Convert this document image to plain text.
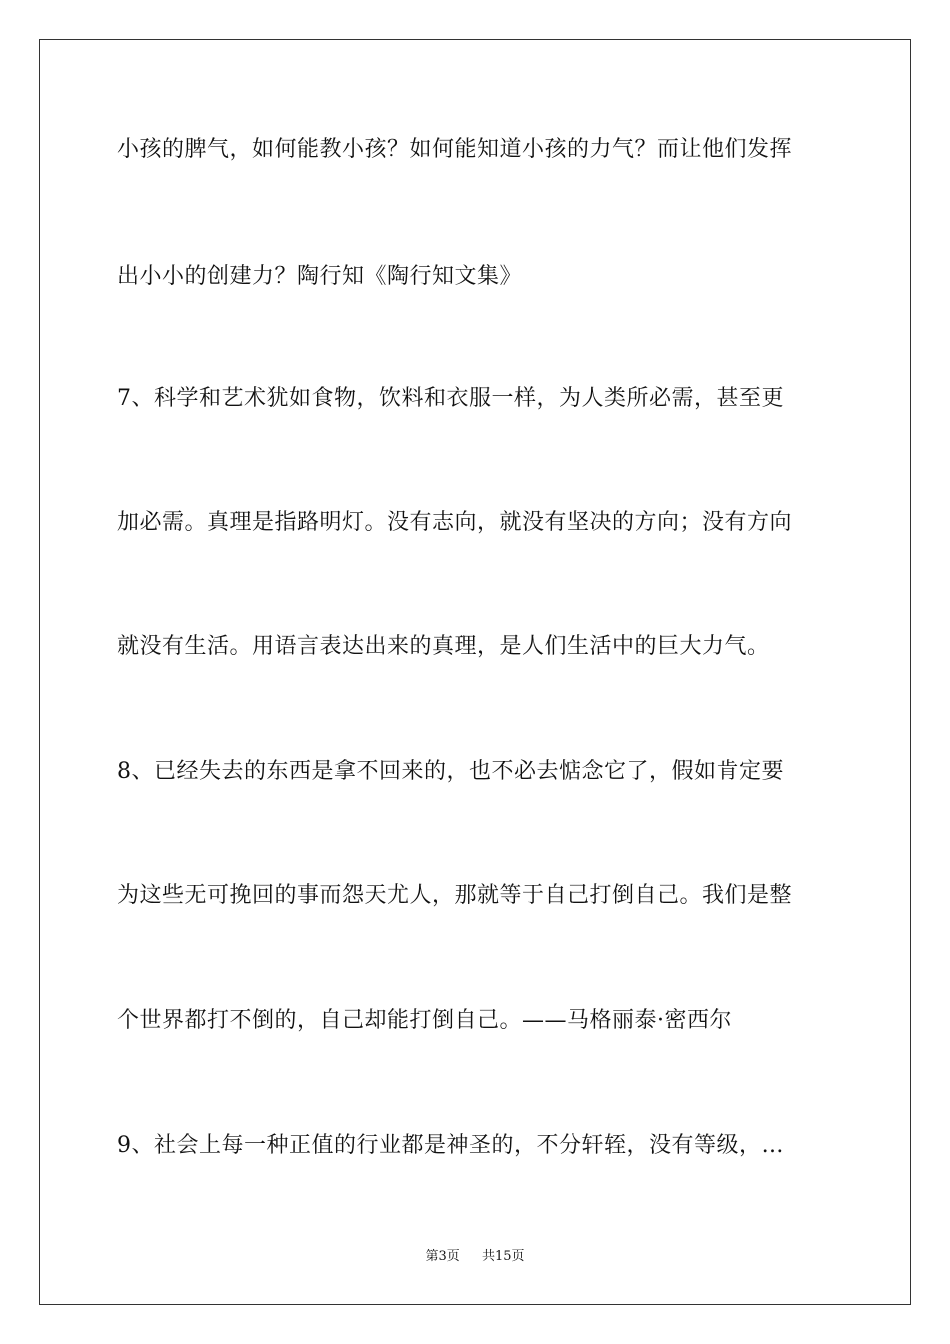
小孩的脾气，如何能教小孩？如何能知道小孩的力气？而让他们发挥
出小小的创建力？陶行知《陶行知文集》
7、科学和艺术犹如食物，饮料和衣服一样，为人类所必需，甚至更
加必需。真理是指路明灯。没有志向，就没有坚决的方向；没有方向
就没有生活。用语言表达出来的真理，是人们生活中的巨大力气。
8、已经失去的东西是拿不回来的，也不必去惦念它了，假如肯定要
为这些无可挽回的事而怨天尤人，那就等于自己打倒自己。我们是整
个世界都打不倒的，自己却能打倒自己。——马格丽泰·密西尔
9、社会上每一种正值的行业都是神圣的，不分轩轾，没有等级，…
第3页 共15页
